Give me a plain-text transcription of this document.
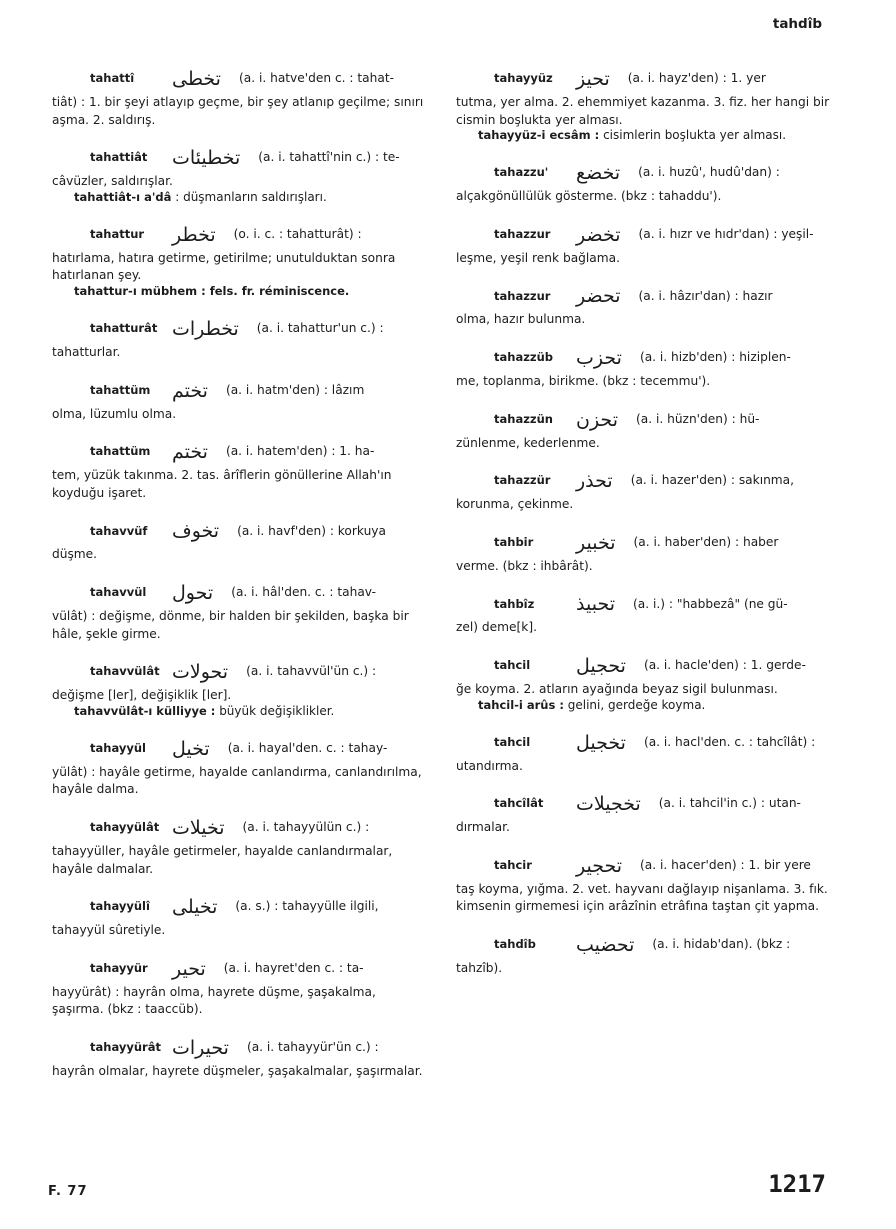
tahdîb
tahattî	تخطى (a. i. hatve'den c. : tahat-
tiât) : 1. bir şeyi atlayıp geçme, bir şey atlanıp geçilme; sınırı aşma. 2. saldırış.
tahattiât	تخطيئات (a. i. tahattî'nin c.) : te-
câvüzler, saldırışlar.
tahattiât-ı a'dâ : düşmanların saldırışları.
tahattur	تخطر (o. i. c. : tahatturât) :
hatırlama, hatıra getirme, getirilme; unutulduktan sonra hatırlanan şey.
tahattur-ı mübhem : fels. fr. réminiscence.
tahatturât تخطرات (a. i. tahattur'un c.) :
tahatturlar.
tahattüm	تختم (a. i. hatm'den) : lâzım
olma, lüzumlu olma.
tahattüm	تختم (a. i. hatem'den) : 1. ha-
tem, yüzük takınma. 2. tas. ârîflerin gönüllerine Allah'ın koyduğu işaret.
tahavvüf	تخوف (a. i. havf'den) : korkuya
düşme.
tahavvül	تحول (a. i. hâl'den. c. : tahav-
vülât) : değişme, dönme, bir halden bir şekilden, başka bir hâle, şekle girme.
tahavvülât تحولات (a. i. tahavvül'ün c.) :
değişme [ler], değişiklik [ler].
tahavvülât-ı külliyye : büyük değişiklikler.
tahayyül	تخيل (a. i. hayal'den. c. : tahay-
yülât) : hayâle getirme, hayalde canlandırma, canlandırılma, hayâle dalma.
tahayyülât تخيلات (a. i. tahayyülün c.) :
tahayyüller, hayâle getirmeler, hayalde canlandırmalar, hayâle dalmalar.
tahayyülî	تخيلى (a. s.) : tahayyülle ilgili,
tahayyül sûretiyle.
tahayyür	تحير (a. i. hayret'den c. : ta-
hayyürât) : hayrân olma, hayrete düşme, şaşakalma, şaşırma. (bkz : taaccüb).
tahayyürât تحيرات (a. i. tahayyür'ün c.) :
hayrân olmalar, hayrete düşmeler, şaşakalmalar, şaşırmalar.
tahayyüz	تحيز (a. i. hayz'den) : 1. yer
tutma, yer alma. 2. ehemmiyet kazanma. 3. fiz. her hangi bir cismin boşlukta yer alması.
tahayyüz-i ecsâm : cisimlerin boşlukta yer alması.
tahazzu'	تخضع (a. i. huzû', hudû'dan) :
alçakgönüllülük gösterme. (bkz : tahaddu').
tahazzur	تخضر (a. i. hızr ve hıdr'dan) : yeşil-
leşme, yeşil renk bağlama.
tahazzur	تحضر (a. i. hâzır'dan) : hazır
olma, hazır bulunma.
tahazzüb	تحزب (a. i. hizb'den) : hiziplen-
me, toplanma, birikme. (bkz : tecemmu').
tahazzün	تحزن (a. i. hüzn'den) : hü-
zünlenme, kederlenme.
tahazzür	تحذر (a. i. hazer'den) : sakınma,
korunma, çekinme.
tahbir	تخبير (a. i. haber'den) : haber
verme. (bkz : ihbârât).
tahbîz	تحبيذ (a. i.) : "habbezâ" (ne gü-
zel) deme[k].
tahcil	تحجيل (a. i. hacle'den) : 1. gerde-
ğe koyma. 2. atların ayağında beyaz sigil bulunması.
tahcil-i arûs : gelini, gerdeğe koyma.
tahcil	تخجيل (a. i. hacl'den. c. : tahcîlât) :
utandırma.
tahcîlât	تخجيلات (a. i. tahcil'in c.) : utan-
dırmalar.
tahcir	تحجير (a. i. hacer'den) : 1. bir yere
taş koyma, yığma. 2. vet. hayvanı dağlayıp nişanlama. 3. fık. kimsenin girmemesi için arâzînin etrâfına taştan çit yapma.
tahdîb	تحضيب (a. i. hidab'dan). (bkz :
tahzîb).
F. 77	1217
